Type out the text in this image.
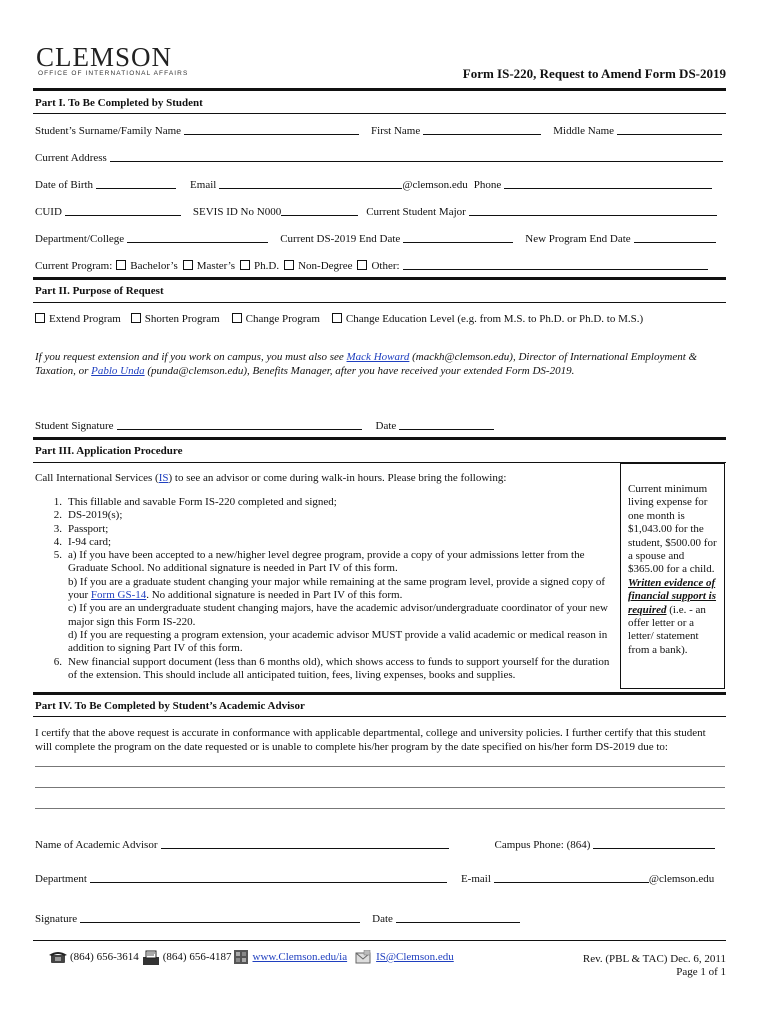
CLEMSON
OFFICE OF INTERNATIONAL AFFAIRS	Form IS-220, Request to Amend Form DS-2019
Part I. To Be Completed by Student
Student’s Surname/Family Name	First Name	Middle Name
Current Address
Date of Birth	Email	@clemson.edu Phone
CUID	SEVIS ID No N000	Current Student Major
Department/College	Current DS-2019 End Date	New Program End Date
Current Program: Bachelor’s Master’s Ph.D. Non-Degree Other:
Part II. Purpose of Request
Extend Program Shorten Program Change Program Change Education Level (e.g. from M.S. to Ph.D. or Ph.D. to M.S.)
If you request extension and if you work on campus, you must also see Mack Howard (mackh@clemson.edu), Director of International Employment &
Taxation, or Pablo Unda (punda@clemson.edu), Benefits Manager, after you have received your extended Form DS-2019.
Student Signature	Date
Part III. Application Procedure
Call International Services (IS) to see an advisor or come during walk-in hours. Please bring the following:
1. This fillable and savable Form IS-220 completed and signed;
2. DS-2019(s);
3. Passport;
4. I-94 card;
5. a) If you have been accepted to a new/higher level degree program, provide a copy of your admissions letter from the Graduate School. No additional signature is needed in Part IV of this form.
b) If you are a graduate student changing your major while remaining at the same program level, provide a signed copy of your Form GS-14. No additional signature is needed in Part IV of this form.
c) If you are an undergraduate student changing majors, have the academic advisor/undergraduate coordinator of your new major sign this Form IS-220.
d) If you are requesting a program extension, your academic advisor MUST provide a valid academic or medical reason in addition to signing Part IV of this form.
6. New financial support document (less than 6 months old), which shows access to funds to support yourself for the duration of the extension. This should include all anticipated tuition, fees, living expenses, books and supplies.
Current minimum living expense for one month is $1,043.00 for the student, $500.00 for a spouse and $365.00 for a child. Written evidence of financial support is required (i.e. - an offer letter or a letter/ statement from a bank).
Part IV. To Be Completed by Student’s Academic Advisor
I certify that the above request is accurate in conformance with applicable departmental, college and university policies. I further certify that this student will complete the program on the date requested or is unable to complete his/her program by the date specified on his/her form DS-2019 due to:
Name of Academic Advisor	Campus Phone: (864)
Department	E-mail	@clemson.edu
Signature	Date
(864) 656-3614 (864) 656-4187 www.Clemson.edu/ia	IS@Clemson.edu	Rev. (PBL & TAC) Dec. 6, 2011
Page 1 of 1
